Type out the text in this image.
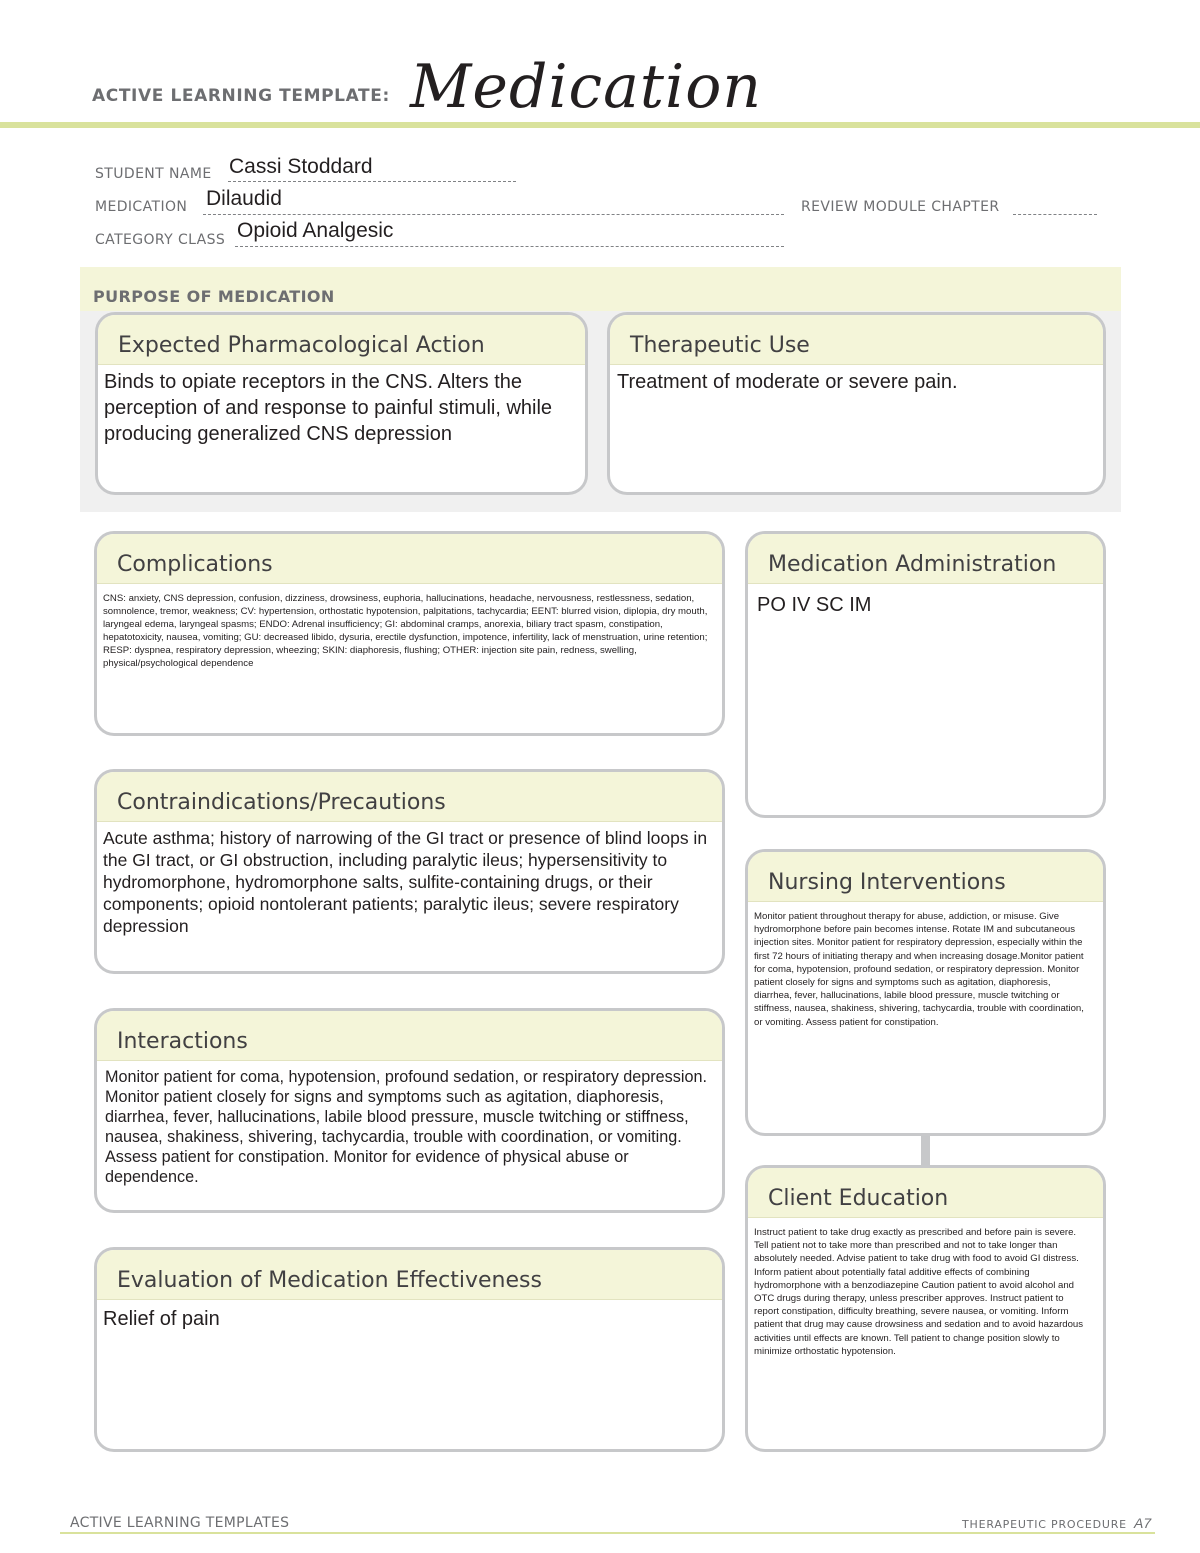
ACTIVE LEARNING TEMPLATE: Medication
STUDENT NAME Cassi Stoddard
MEDICATION Dilaudid	REVIEW MODULE CHAPTER
CATEGORY CLASS Opioid Analgesic
PURPOSE OF MEDICATION
Expected Pharmacological Action
Binds to opiate receptors in the CNS. Alters the perception of and response to painful stimuli, while producing generalized CNS depression
Therapeutic Use
Treatment of moderate or severe pain.
Complications
CNS: anxiety, CNS depression, confusion, dizziness, drowsiness, euphoria, hallucinations, headache, nervousness, restlessness, sedation, somnolence, tremor, weakness; CV: hypertension, orthostatic hypotension, palpitations, tachycardia; EENT: blurred vision, diplopia, dry mouth, laryngeal edema, laryngeal spasms; ENDO: Adrenal insufficiency; GI: abdominal cramps, anorexia, biliary tract spasm, constipation, hepatotoxicity, nausea, vomiting; GU: decreased libido, dysuria, erectile dysfunction, impotence, infertility, lack of menstruation, urine retention; RESP: dyspnea, respiratory depression, wheezing; SKIN: diaphoresis, flushing; OTHER: injection site pain, redness, swelling, physical/psychological dependence
Medication Administration
PO IV SC IM
Contraindications/Precautions
Acute asthma; history of narrowing of the GI tract or presence of blind loops in the GI tract, or GI obstruction, including paralytic ileus; hypersensitivity to hydromorphone, hydromorphone salts, sulfite-containing drugs, or their components; opioid nontolerant patients; paralytic ileus; severe respiratory depression
Nursing Interventions
Monitor patient throughout therapy for abuse, addiction, or misuse. Give hydromorphone before pain becomes intense. Rotate IM and subcutaneous injection sites. Monitor patient for respiratory depression, especially within the first 72 hours of initiating therapy and when increasing dosage.Monitor patient for coma, hypotension, profound sedation, or respiratory depression. Monitor patient closely for signs and symptoms such as agitation, diaphoresis, diarrhea, fever, hallucinations, labile blood pressure, muscle twitching or stiffness, nausea, shakiness, shivering, tachycardia, trouble with coordination, or vomiting. Assess patient for constipation.
Interactions
Monitor patient for coma, hypotension, profound sedation, or respiratory depression. Monitor patient closely for signs and symptoms such as agitation, diaphoresis, diarrhea, fever, hallucinations, labile blood pressure, muscle twitching or stiffness, nausea, shakiness, shivering, tachycardia, trouble with coordination, or vomiting. Assess patient for constipation. Monitor for evidence of physical abuse or dependence.
Client Education
Instruct patient to take drug exactly as prescribed and before pain is severe. Tell patient not to take more than prescribed and not to take longer than absolutely needed. Advise patient to take drug with food to avoid GI distress. Inform patient about potentially fatal additive effects of combining hydromorphone with a benzodiazepine Caution patient to avoid alcohol and OTC drugs during therapy, unless prescriber approves. Instruct patient to report constipation, difficulty breathing, severe nausea, or vomiting. Inform patient that drug may cause drowsiness and sedation and to avoid hazardous activities until effects are known. Tell patient to change position slowly to minimize orthostatic hypotension.
Evaluation of Medication Effectiveness
Relief of pain
ACTIVE LEARNING TEMPLATES	THERAPEUTIC PROCEDURE A7
